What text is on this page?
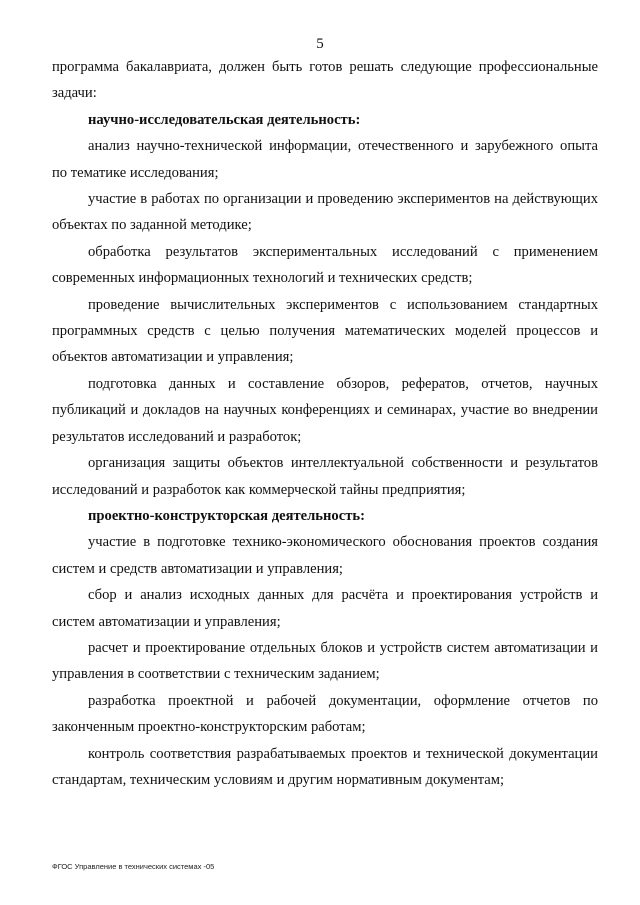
5

программа бакалавриата, должен быть готов решать следующие профессиональные задачи:

научно-исследовательская деятельность:

анализ научно-технической информации, отечественного и зарубежного опыта по тематике исследования;

участие в работах по организации и проведению экспериментов на действующих объектах по заданной методике;

обработка результатов экспериментальных исследований с применением современных информационных технологий и технических средств;

проведение вычислительных экспериментов с использованием стандартных программных средств с целью получения математических моделей процессов и объектов автоматизации и управления;

подготовка данных и составление обзоров, рефератов, отчетов, научных публикаций и докладов на научных конференциях и семинарах, участие во внедрении результатов исследований и разработок;

организация защиты объектов интеллектуальной собственности и результатов исследований и разработок как коммерческой тайны предприятия;

проектно-конструкторская деятельность:

участие в подготовке технико-экономического обоснования проектов создания систем и средств автоматизации и управления;

сбор и анализ исходных данных для расчёта и проектирования устройств и систем автоматизации и управления;

расчет и проектирование отдельных блоков и устройств систем автоматизации и управления в соответствии с техническим заданием;

разработка проектной и рабочей документации, оформление отчетов по законченным проектно-конструкторским работам;

контроль соответствия разрабатываемых проектов и технической документации стандартам, техническим условиям и другим нормативным документам;

ФГОС Управление в технических системах -05
